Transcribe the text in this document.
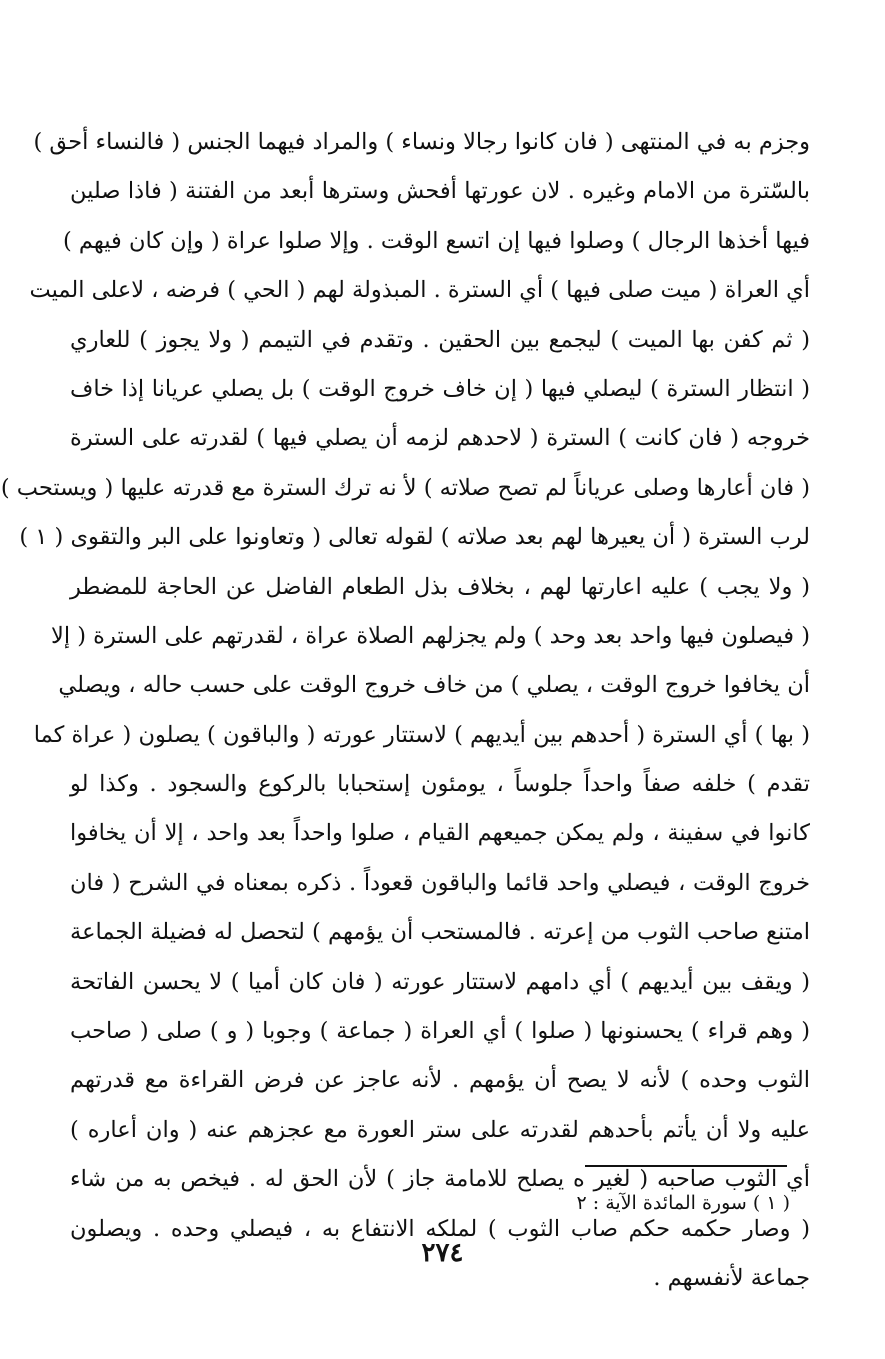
وجزم به في المنتهى ( فان كانوا رجالا ونساء ) والمراد فيهما الجنس ( فالنساء أحق )

بالسّترة من الامام وغيره . لان عورتها أفحش وسترها أبعد من الفتنة ( فاذا صلين

فيها أخذها الرجال ) وصلوا فيها إن اتسع الوقت . وإلا صلوا عراة ( وإن كان فيهم )

أي العراة ( ميت صلى فيها ) أي السترة . المبذولة لهم ( الحي ) فرضه ، لاعلى الميت

( ثم كفن بها الميت ) ليجمع بين الحقين . وتقدم في التيمم ( ولا يجوز ) للعاري

( انتظار السترة ) ليصلي فيها ( إن خاف خروج الوقت ) بل يصلي عريانا إذا خاف

خروجه ( فان كانت ) السترة ( لاحدهم لزمه أن يصلي فيها ) لقدرته على السترة

( فان أعارها وصلى عرياناً لم تصح صلاته ) لأ نه ترك السترة مع قدرته عليها ( ويستحب )

لرب السترة ( أن يعيرها لهم بعد صلاته ) لقوله تعالى ( وتعاونوا على البر والتقوى ( ١ )

( ولا يجب ) عليه اعارتها لهم ، بخلاف بذل الطعام الفاضل عن الحاجة للمضطر

( فيصلون فيها واحد بعد وحد ) ولم يجزلهم الصلاة عراة ، لقدرتهم على السترة ( إلا

أن يخافوا خروج الوقت ، يصلي ) من خاف خروج الوقت على حسب حاله ، ويصلي

( بها ) أي السترة ( أحدهم بين أيديهم ) لاستتار عورته ( والباقون ) يصلون ( عراة كما

تقدم ) خلفه صفاً واحداً جلوساً ، يومئون إستحبابا بالركوع والسجود . وكذا لو

كانوا في سفينة ، ولم يمكن جميعهم القيام ، صلوا واحداً بعد واحد ، إلا أن يخافوا

خروج الوقت ، فيصلي واحد قائما والباقون قعوداً . ذكره بمعناه في الشرح ( فان

امتنع صاحب الثوب من إعرته . فالمستحب أن يؤمهم ) لتحصل له فضيلة الجماعة

( ويقف بين أيديهم ) أي دامهم لاستتار عورته ( فان كان أميا ) لا يحسن الفاتحة

( وهم قراء ) يحسنونها ( صلوا ) أي العراة ( جماعة ) وجوبا ( و ) صلى ( صاحب

الثوب وحده ) لأنه لا يصح أن يؤمهم . لأنه عاجز عن فرض القراءة مع قدرتهم

عليه ولا أن يأتم بأحدهم لقدرته على ستر العورة مع عجزهم عنه ( وان أعاره )

أي الثوب صاحبه ( لغير ه يصلح للامامة جاز ) لأن الحق له . فيخص به من شاء

( وصار حكمه حكم صاب الثوب ) لملكه الانتفاع به ، فيصلي وحده . ويصلون

جماعة لأنفسهم .

( ١ ) سورة المائدة الآية : ٢
٢٧٤
